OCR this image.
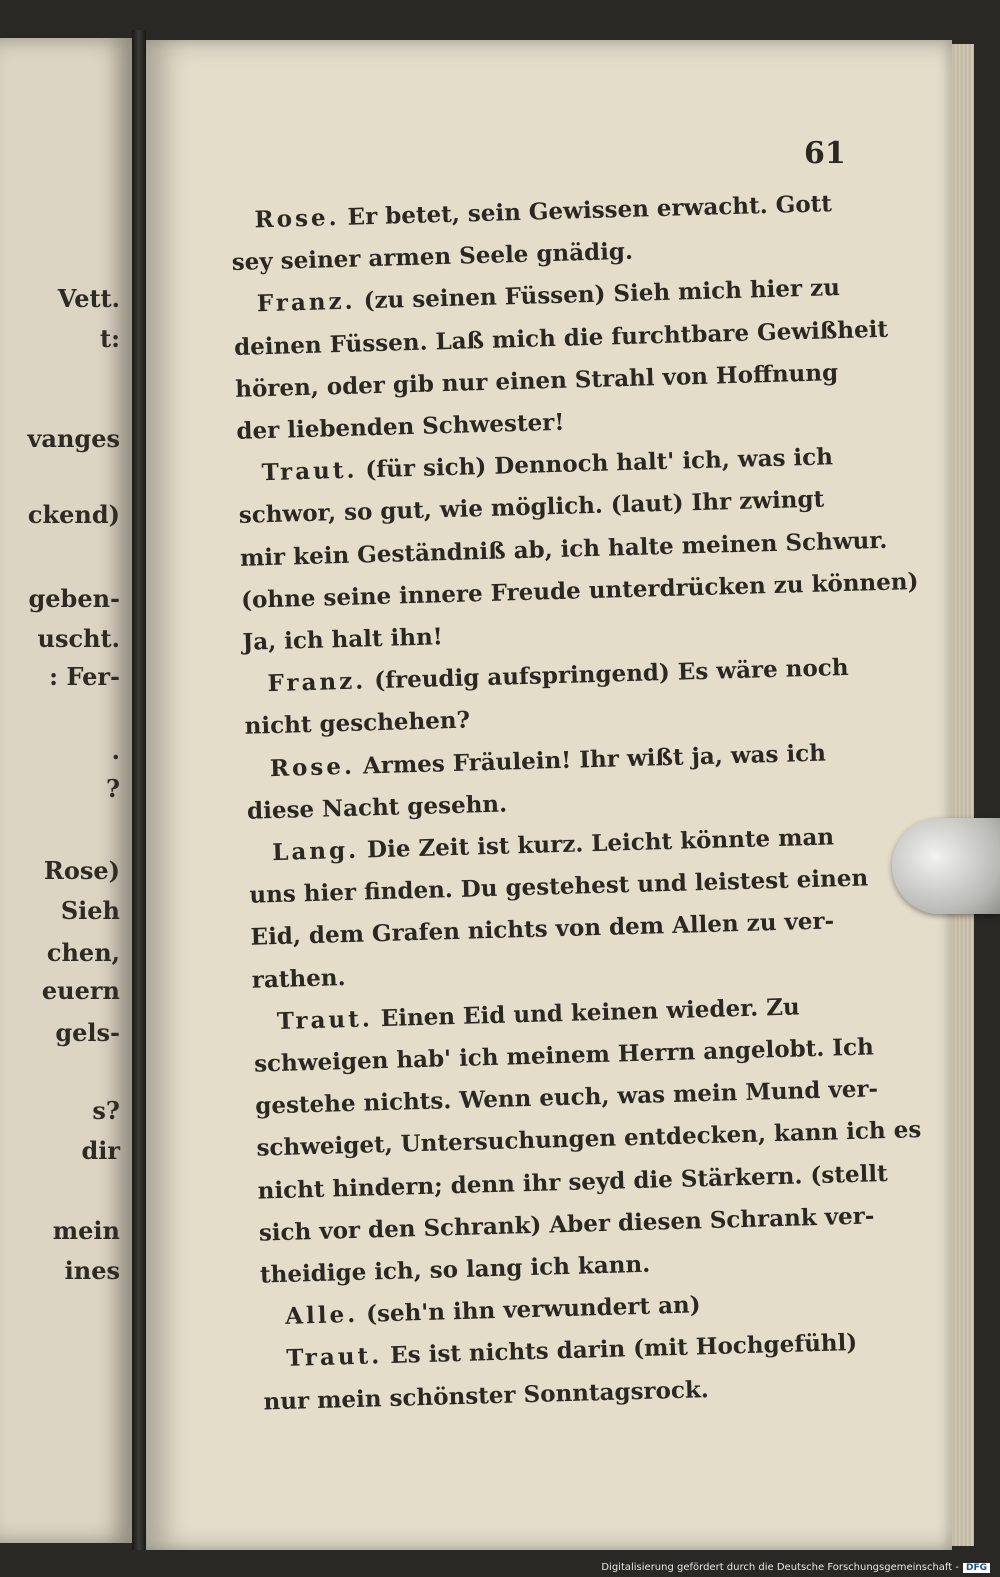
Vett.
t:
vanges
ckend)
geben-
uscht.
: Fer-
.
?
Rose)
Sieh
chen,
euern
gels-
s?
dir
mein
ines
61
Rose. Er betet, sein Gewissen erwacht. Gott
sey seiner armen Seele gnädig.
Franz. (zu seinen Füssen) Sieh mich hier zu
deinen Füssen. Laß mich die furchtbare Gewißheit
hören, oder gib nur einen Strahl von Hoffnung
der liebenden Schwester!
Traut. (für sich) Dennoch halt' ich, was ich
schwor, so gut, wie möglich. (laut) Ihr zwingt
mir kein Geständniß ab, ich halte meinen Schwur.
(ohne seine innere Freude unterdrücken zu können)
Ja, ich halt ihn!
Franz. (freudig aufspringend) Es wäre noch
nicht geschehen?
Rose. Armes Fräulein! Ihr wißt ja, was ich
diese Nacht gesehn.
Lang. Die Zeit ist kurz. Leicht könnte man
uns hier finden. Du gestehest und leistest einen
Eid, dem Grafen nichts von dem Allen zu ver-
rathen.
Traut. Einen Eid und keinen wieder. Zu
schweigen hab' ich meinem Herrn angelobt. Ich
gestehe nichts. Wenn euch, was mein Mund ver-
schweiget, Untersuchungen entdecken, kann ich es
nicht hindern; denn ihr seyd die Stärkern. (stellt
sich vor den Schrank) Aber diesen Schrank ver-
theidige ich, so lang ich kann.
Alle. (seh'n ihn verwundert an)
Traut. Es ist nichts darin (mit Hochgefühl)
nur mein schönster Sonntagsrock.
Digitalisierung gefördert durch die Deutsche Forschungsgemeinschaft - DFG
